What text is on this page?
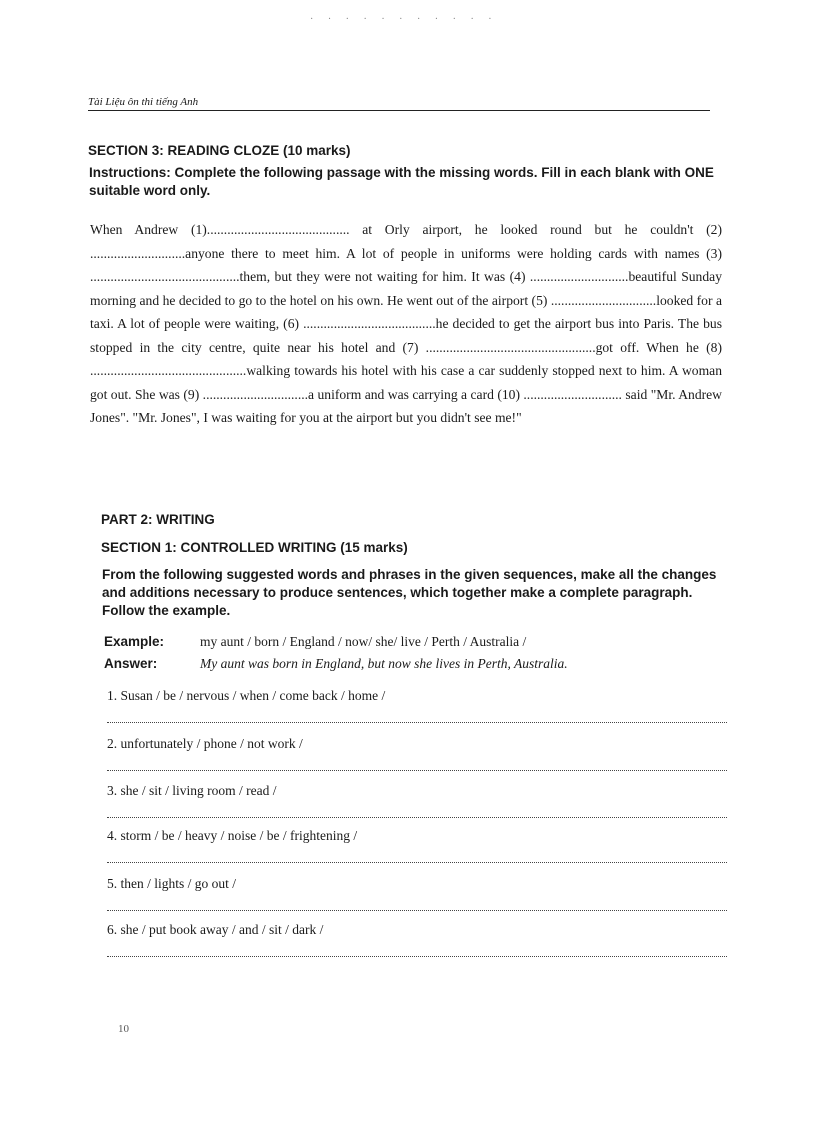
· · · · · · · · · · ·
Tài Liệu ôn thi tiếng Anh
SECTION 3: READING CLOZE (10 marks)
Instructions: Complete the following passage with the missing words. Fill in each blank with ONE suitable word only.
When Andrew (1).......................................... at Orly airport, he looked round but he couldn't (2) ............................anyone there to meet him. A lot of people in uniforms were holding cards with names (3) ............................................them, but they were not waiting for him. It was (4) .............................beautiful Sunday morning and he decided to go to the hotel on his own. He went out of the airport (5) ...............................looked for a taxi. A lot of people were waiting, (6) .......................................he decided to get the airport bus into Paris. The bus stopped in the city centre, quite near his hotel and (7) ..................................................got off. When he (8) ..............................................walking towards his hotel with his case a car suddenly stopped next to him. A woman got out. She was (9) ...............................a uniform and was carrying a card (10) ............................. said "Mr. Andrew Jones". "Mr. Jones", I was waiting for you at the airport but you didn't see me!"
PART 2: WRITING
SECTION 1: CONTROLLED WRITING (15 marks)
From the following suggested words and phrases in the given sequences, make all the changes and additions necessary to produce sentences, which together make a complete paragraph. Follow the example.
Example:	my aunt / born / England / now/ she/ live / Perth / Australia /
Answer:	My aunt was born in England, but now she lives in Perth, Australia.
1. Susan / be / nervous / when / come back / home /
2. unfortunately / phone / not work /
3. she / sit / living room / read /
4. storm / be / heavy / noise / be / frightening /
5. then / lights / go out /
6. she / put book away / and / sit / dark /
10
